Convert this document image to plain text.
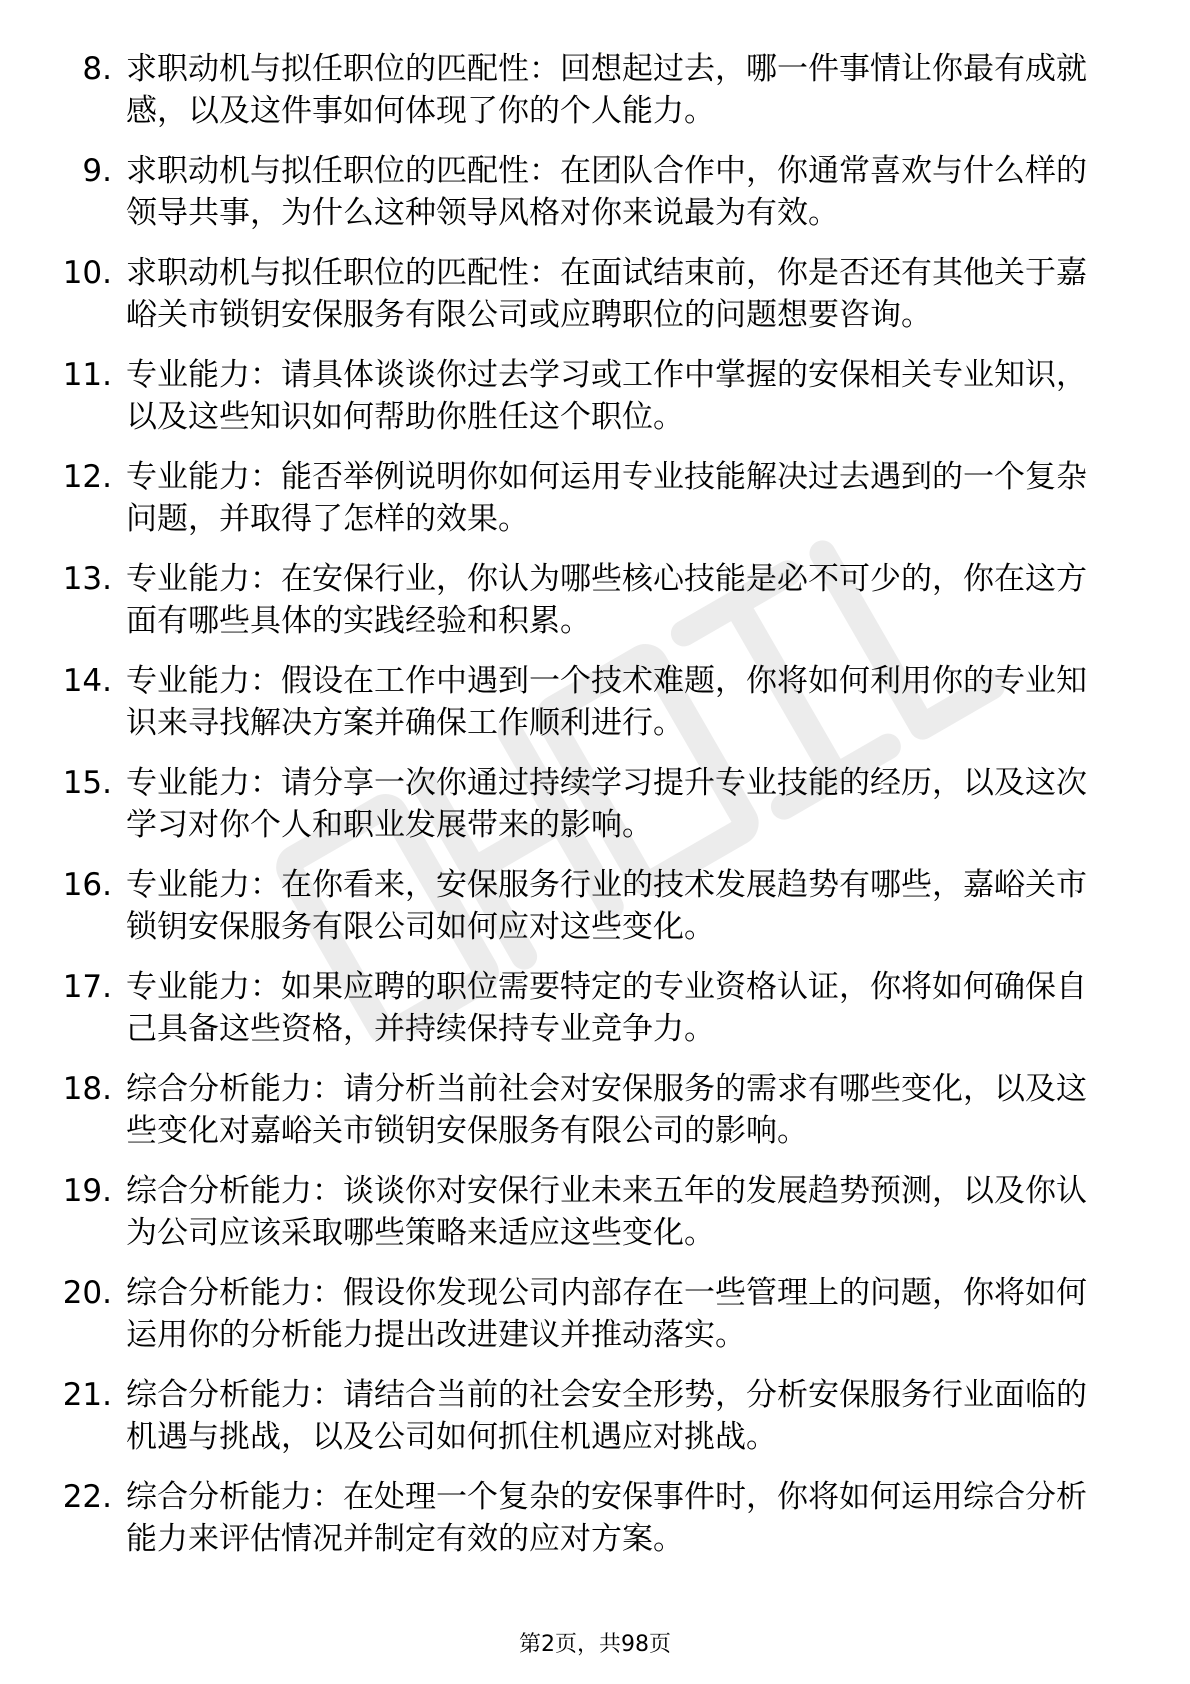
8. 求职动机与拟任职位的匹配性：回想起过去，哪一件事情让你最有成就感，以及这件事如何体现了你的个人能力。
9. 求职动机与拟任职位的匹配性：在团队合作中，你通常喜欢与什么样的领导共事，为什么这种领导风格对你来说最为有效。
10. 求职动机与拟任职位的匹配性：在面试结束前，你是否还有其他关于嘉峪关市锁钥安保服务有限公司或应聘职位的问题想要咨询。
11. 专业能力：请具体谈谈你过去学习或工作中掌握的安保相关专业知识，以及这些知识如何帮助你胜任这个职位。
12. 专业能力：能否举例说明你如何运用专业技能解决过去遇到的一个复杂问题，并取得了怎样的效果。
13. 专业能力：在安保行业，你认为哪些核心技能是必不可少的，你在这方面有哪些具体的实践经验和积累。
14. 专业能力：假设在工作中遇到一个技术难题，你将如何利用你的专业知识来寻找解决方案并确保工作顺利进行。
15. 专业能力：请分享一次你通过持续学习提升专业技能的经历，以及这次学习对你个人和职业发展带来的影响。
16. 专业能力：在你看来，安保服务行业的技术发展趋势有哪些，嘉峪关市锁钥安保服务有限公司如何应对这些变化。
17. 专业能力：如果应聘的职位需要特定的专业资格认证，你将如何确保自己具备这些资格，并持续保持专业竞争力。
18. 综合分析能力：请分析当前社会对安保服务的需求有哪些变化，以及这些变化对嘉峪关市锁钥安保服务有限公司的影响。
19. 综合分析能力：谈谈你对安保行业未来五年的发展趋势预测，以及你认为公司应该采取哪些策略来适应这些变化。
20. 综合分析能力：假设你发现公司内部存在一些管理上的问题，你将如何运用你的分析能力提出改进建议并推动落实。
21. 综合分析能力：请结合当前的社会安全形势，分析安保服务行业面临的机遇与挑战，以及公司如何抓住机遇应对挑战。
22. 综合分析能力：在处理一个复杂的安保事件时，你将如何运用综合分析能力来评估情况并制定有效的应对方案。
第2页，共98页
